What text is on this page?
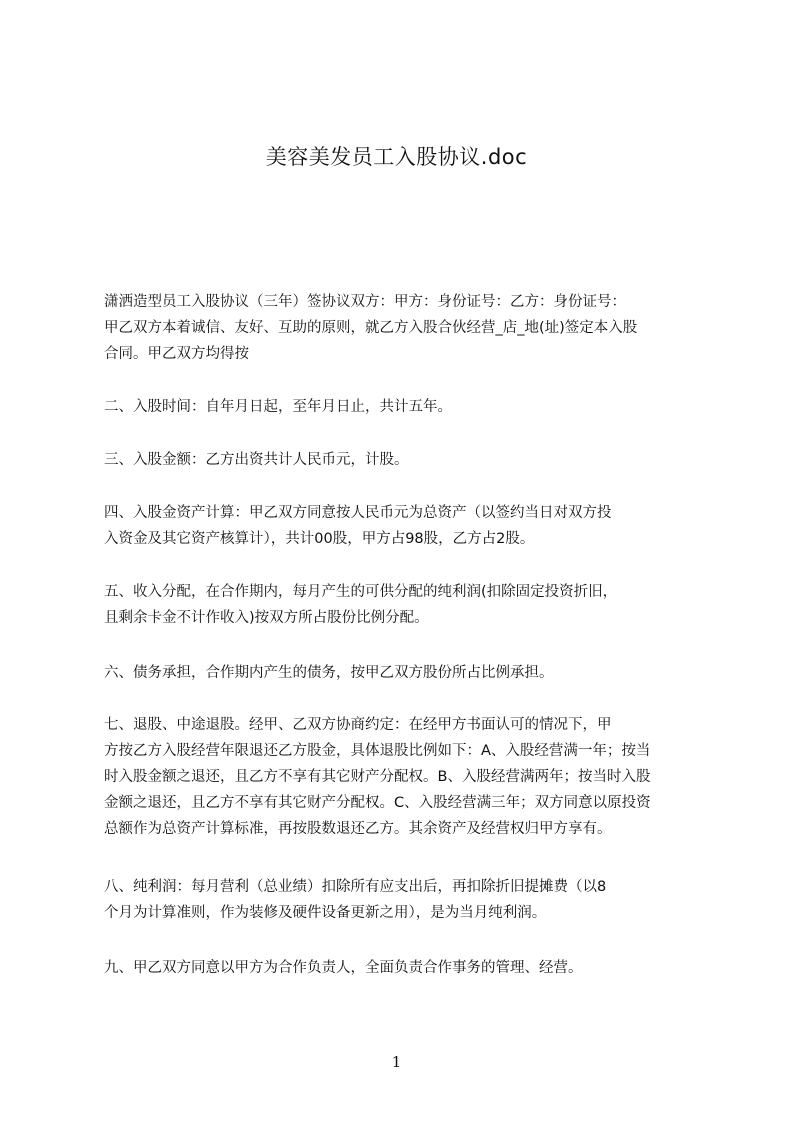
美容美发员工入股协议.doc
潇洒造型员工入股协议（三年）签协议双方：甲方：身份证号：乙方：身份证号：
甲乙双方本着诚信、友好、互助的原则，就乙方入股合伙经营_店_地(址)签定本入股
合同。甲乙双方均得按
二、入股时间：自年月日起，至年月日止，共计五年。
三、入股金额：乙方出资共计人民币元，计股。
四、入股金资产计算：甲乙双方同意按人民币元为总资产（以签约当日对双方投
入资金及其它资产核算计），共计00股，甲方占98股，乙方占2股。
五、收入分配，在合作期内，每月产生的可供分配的纯利润(扣除固定投资折旧，
且剩余卡金不计作收入)按双方所占股份比例分配。
六、债务承担，合作期内产生的债务，按甲乙双方股份所占比例承担。
七、退股、中途退股。经甲、乙双方协商约定：在经甲方书面认可的情况下，甲
方按乙方入股经营年限退还乙方股金，具体退股比例如下：A、入股经营满一年；按当
时入股金额之退还，且乙方不享有其它财产分配权。B、入股经营满两年；按当时入股
金额之退还，且乙方不享有其它财产分配权。C、入股经营满三年；双方同意以原投资
总额作为总资产计算标准，再按股数退还乙方。其余资产及经营权归甲方享有。
八、纯利润：每月营利（总业绩）扣除所有应支出后，再扣除折旧提摊费（以8
个月为计算准则，作为装修及硬件设备更新之用），是为当月纯利润。
九、甲乙双方同意以甲方为合作负责人，全面负责合作事务的管理、经营。
1
